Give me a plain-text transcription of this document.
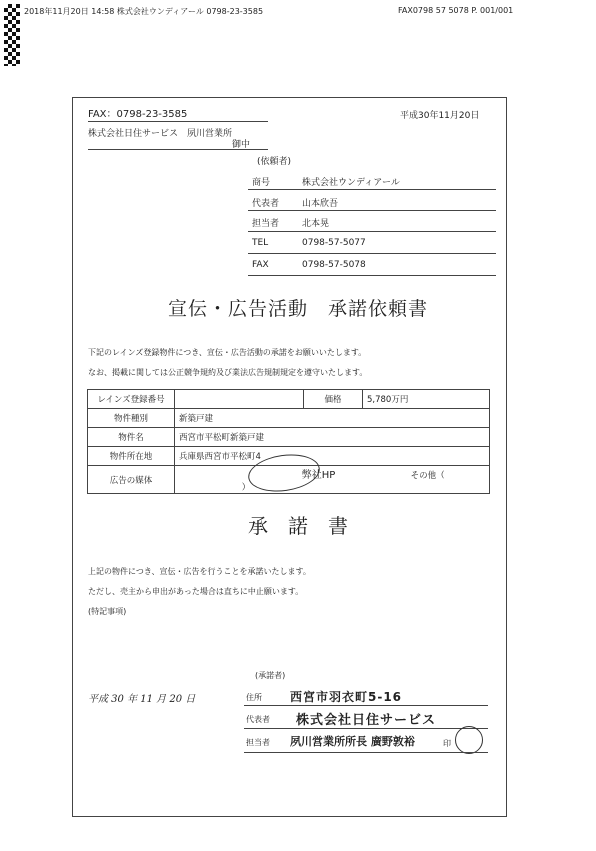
2018年11月20日 14:58 株式会社ウンディアール 0798-23-3585	FAX0798 57 5078 P. 001/001
FAX：0798-23-3585	平成30年11月20日
株式会社日住サービス　夙川営業所
御中
(依頼者)
商号	株式会社ウンディアール
代表者	山本欣吾
担当者	北本晃
TEL	0798-57-5077
FAX	0798-57-5078
宣伝・広告活動　承諾依頼書
下記のレインズ登録物件につき、宣伝・広告活動の承諾をお願いいたします。
なお、掲載に関しては公正競争規約及び業法広告規制規定を遵守いたします。
レインズ登録番号		価格	5,780万円
物件種別	新築戸建		
物件名	西宮市平松町新築戸建		
物件所在地	兵庫県西宮市平松町4		
広告の媒体	弊社HP その他（  ）		
承　諾　書
上記の物件につき、宣伝・広告を行うことを承諾いたします。
ただし、売主から申出があった場合は直ちに中止願います。
(特記事項)
(承諾者)
平成 30 年 11 月 20 日	住所 西宮市羽衣町5-16
代表者 株式会社日住サービス
担当者 夙川営業所所長 廣野敦裕	印
